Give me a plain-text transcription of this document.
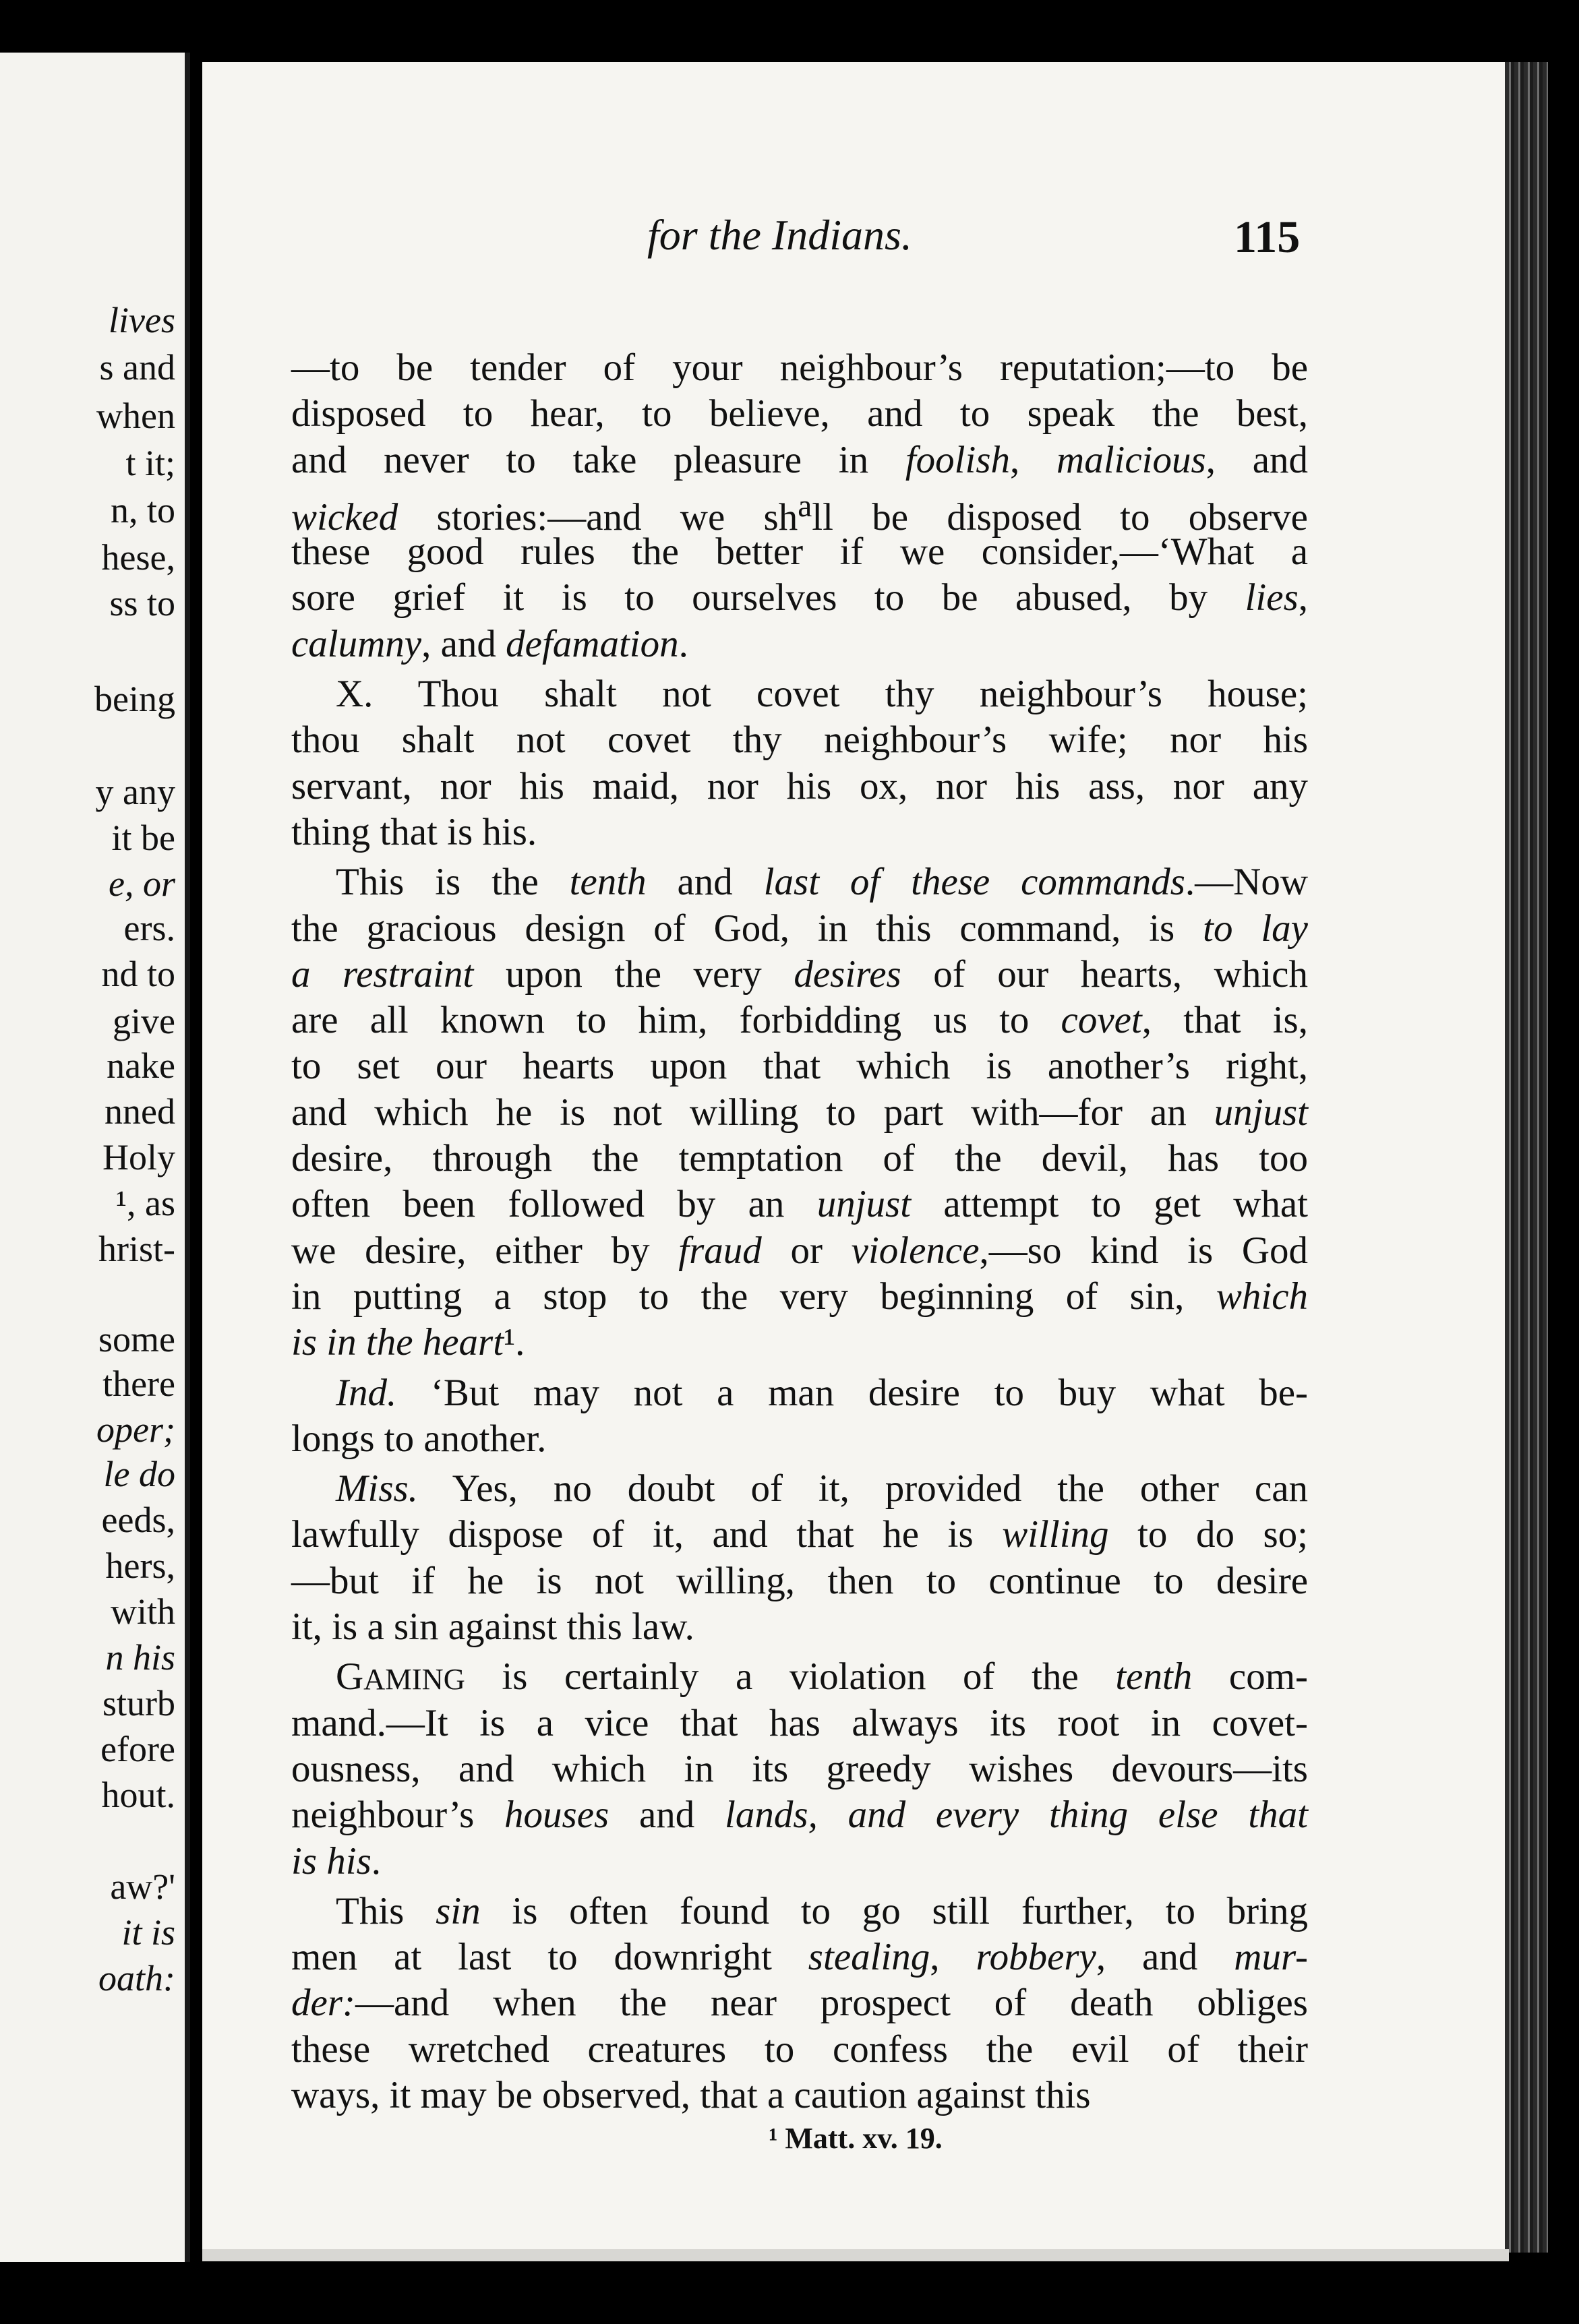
lives
s and
when
t it;
n, to
hese,
ss to
being
y any
it be
e, or
ers.
nd to
give
nake
nned
Holy
¹, as
hrist-
some
there
oper;
le do
eeds,
hers,
with
n his
sturb
efore
hout.
aw?'
it is
oath:
for the Indians.	115
—to be tender of your neighbour’s reputation;—to be
disposed to hear, to believe, and to speak the best,
and never to take pleasure in foolish, malicious, and
wicked stories:—and we $sh^all$ be disposed to observe
these good rules the better if we consider,—‘What a
sore grief it is to ourselves to be abused, by lies,
calumny, and defamation.
X. Thou shalt not covet thy neighbour’s house;
thou shalt not covet thy neighbour’s wife; nor his
servant, nor his maid, nor his ox, nor his ass, nor any
thing that is his.
This is the tenth and last of these commands.—Now
the gracious design of God, in this command, is to lay
a restraint upon the very desires of our hearts, which
are all known to him, forbidding us to covet, that is,
to set our hearts upon that which is another’s right,
and which he is not willing to part with—for an unjust
desire, through the temptation of the devil, has too
often been followed by an unjust attempt to get what
we desire, either by fraud or violence,—so kind is God
in putting a stop to the very beginning of sin, which
is in the heart¹.
Ind. ‘But may not a man desire to buy what be-
longs to another.
Miss. Yes, no doubt of it, provided the other can
lawfully dispose of it, and that he is willing to do so;
—but if he is not willing, then to continue to desire
it, is a sin against this law.
GAMING is certainly a violation of the tenth com-
mand.—It is a vice that has always its root in covet-
ousness, and which in its greedy wishes devours—its
neighbour’s houses and lands, and every thing else that
is his.
This sin is often found to go still further, to bring
men at last to downright stealing, robbery, and mur-
der:—and when the near prospect of death obliges
these wretched creatures to confess the evil of their
ways, it may be observed, that a caution against this
¹ Matt. xv. 19.
